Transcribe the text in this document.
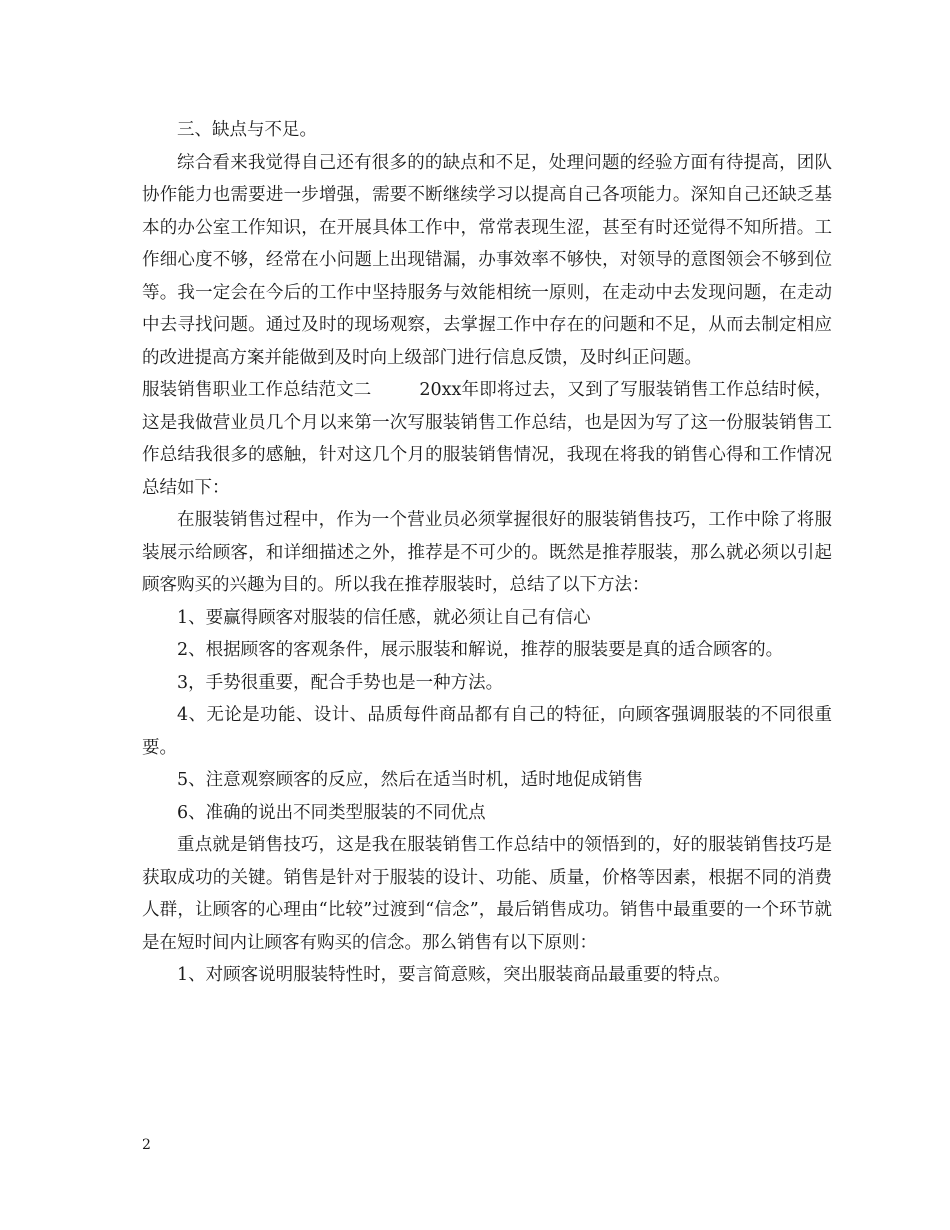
三、缺点与不足。

综合看来我觉得自己还有很多的的缺点和不足，处理问题的经验方面有待提高，团队协作能力也需要进一步增强，需要不断继续学习以提高自己各项能力。深知自己还缺乏基本的办公室工作知识，在开展具体工作中，常常表现生涩，甚至有时还觉得不知所措。工作细心度不够，经常在小问题上出现错漏，办事效率不够快，对领导的意图领会不够到位等。我一定会在今后的工作中坚持服务与效能相统一原则，在走动中去发现问题，在走动中去寻找问题。通过及时的现场观察，去掌握工作中存在的问题和不足，从而去制定相应的改进提高方案并能做到及时向上级部门进行信息反馈，及时纠正问题。

服装销售职业工作总结范文二	20xx年即将过去，又到了写服装销售工作总结时候，这是我做营业员几个月以来第一次写服装销售工作总结，也是因为写了这一份服装销售工作总结我很多的感触，针对这几个月的服装销售情况，我现在将我的销售心得和工作情况总结如下：

在服装销售过程中，作为一个营业员必须掌握很好的服装销售技巧，工作中除了将服装展示给顾客，和详细描述之外，推荐是不可少的。既然是推荐服装，那么就必须以引起顾客购买的兴趣为目的。所以我在推荐服装时，总结了以下方法：

1、要赢得顾客对服装的信任感，就必须让自己有信心

2、根据顾客的客观条件，展示服装和解说，推荐的服装要是真的适合顾客的。

3，手势很重要，配合手势也是一种方法。

4、无论是功能、设计、品质每件商品都有自己的特征，向顾客强调服装的不同很重要。

5、注意观察顾客的反应，然后在适当时机，适时地促成销售

6、准确的说出不同类型服装的不同优点

重点就是销售技巧，这是我在服装销售工作总结中的领悟到的，好的服装销售技巧是获取成功的关键。销售是针对于服装的设计、功能、质量，价格等因素，根据不同的消费人群，让顾客的心理由“比较”过渡到“信念”，最后销售成功。销售中最重要的一个环节就是在短时间内让顾客有购买的信念。那么销售有以下原则：

1、对顾客说明服装特性时，要言简意赅，突出服装商品最重要的特点。

2
